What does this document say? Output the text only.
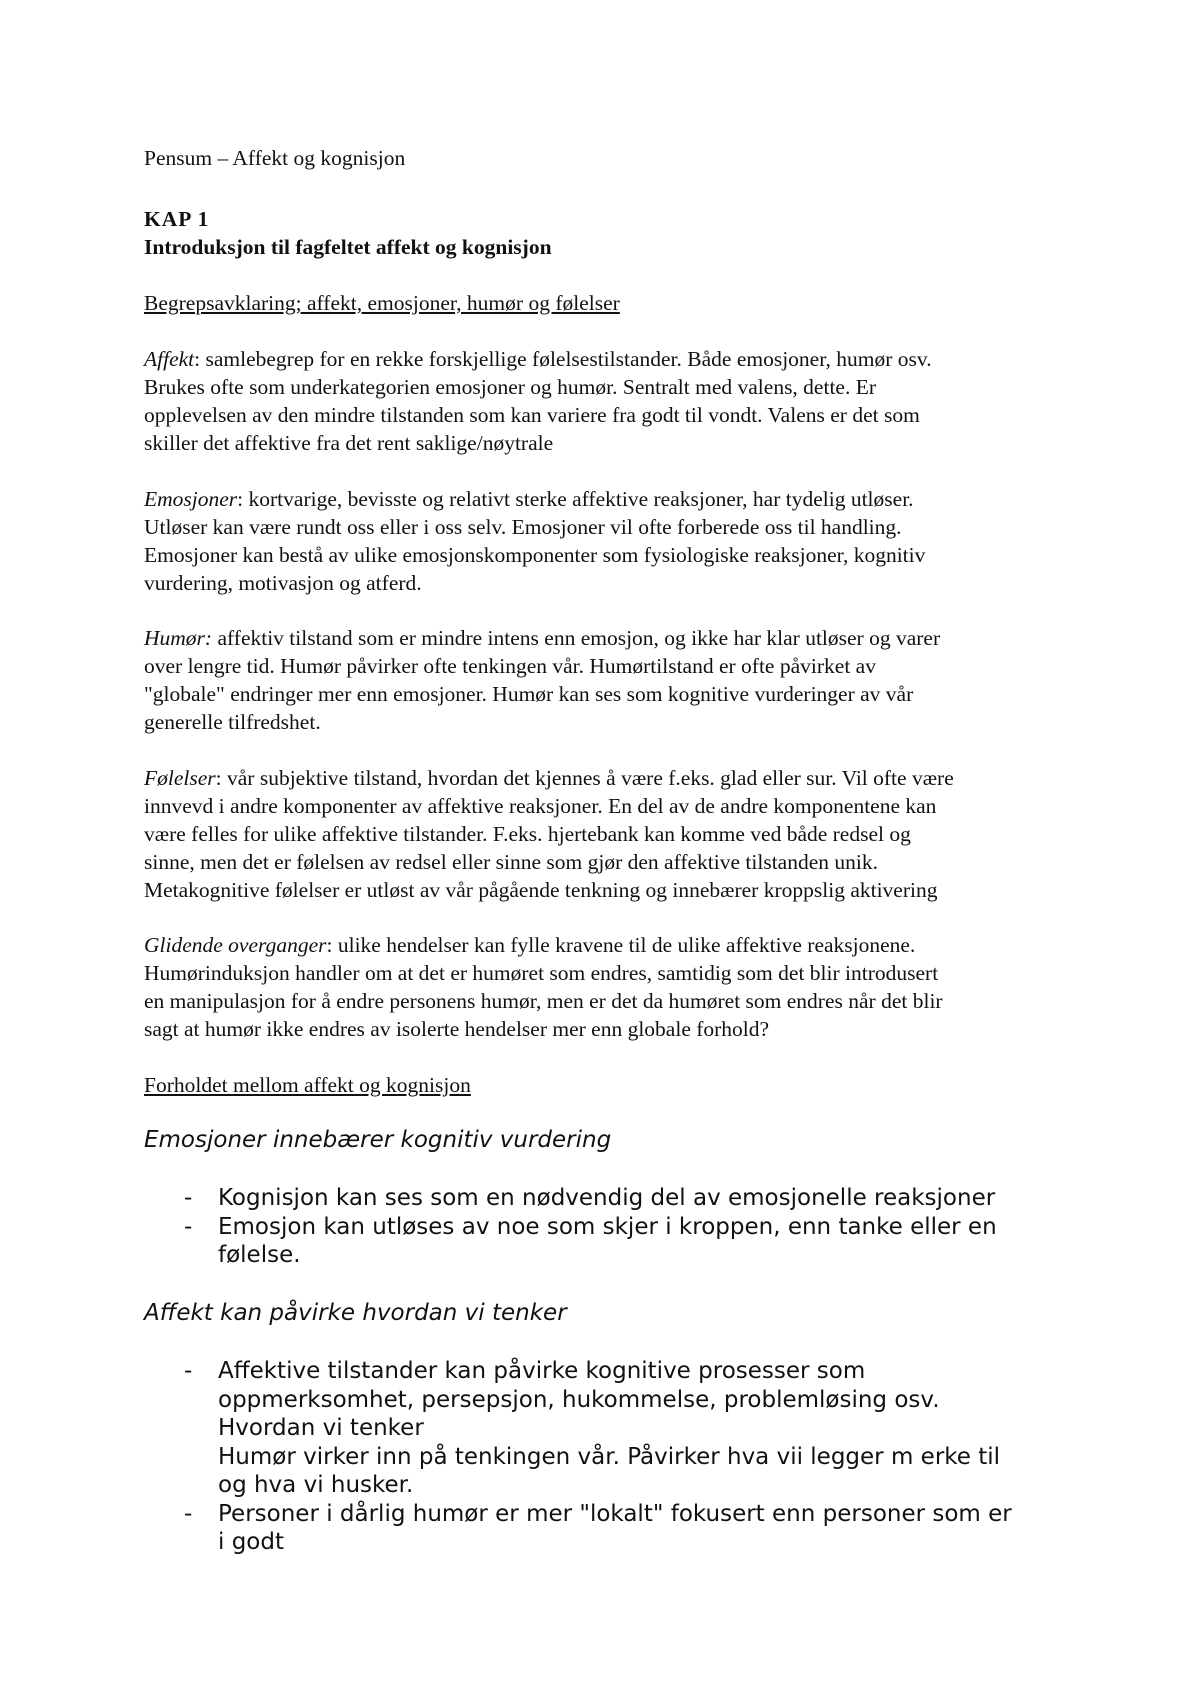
Pensum – Affekt og kognisjon

KAP 1

Introduksjon til fagfeltet affekt og kognisjon

Begrepsavklaring; affekt, emosjoner, humør og følelser

Affekt: samlebegrep for en rekke forskjellige følelsestilstander. Både emosjoner, humør osv.
Brukes ofte som underkategorien emosjoner og humør. Sentralt med valens, dette. Er
opplevelsen av den mindre tilstanden som kan variere fra godt til vondt. Valens er det som
skiller det affektive fra det rent saklige/nøytrale
Emosjoner: kortvarige, bevisste og relativt sterke affektive reaksjoner, har tydelig utløser.
Utløser kan være rundt oss eller i oss selv. Emosjoner vil ofte forberede oss til handling.
Emosjoner kan bestå av ulike emosjonskomponenter som fysiologiske reaksjoner, kognitiv
vurdering, motivasjon og atferd.
Humør: affektiv tilstand som er mindre intens enn emosjon, og ikke har klar utløser og varer
over lengre tid. Humør påvirker ofte tenkingen vår. Humørtilstand er ofte påvirket av
"globale" endringer mer enn emosjoner. Humør kan ses som kognitive vurderinger av vår
generelle tilfredshet.
Følelser: vår subjektive tilstand, hvordan det kjennes å være f.eks. glad eller sur. Vil ofte være
innvevd i andre komponenter av affektive reaksjoner. En del av de andre komponentene kan
være felles for ulike affektive tilstander. F.eks. hjertebank kan komme ved både redsel og
sinne, men det er følelsen av redsel eller sinne som gjør den affektive tilstanden unik.
Metakognitive følelser er utløst av vår pågående tenkning og innebærer kroppslig aktivering
Glidende overganger: ulike hendelser kan fylle kravene til de ulike affektive reaksjonene.
Humørinduksjon handler om at det er humøret som endres, samtidig som det blir introdusert
en manipulasjon for å endre personens humør, men er det da humøret som endres når det blir
sagt at humør ikke endres av isolerte hendelser mer enn globale forhold?

Forholdet mellom affekt og kognisjon

Emosjoner innebærer kognitiv vurdering

- Kognisjon kan ses som en nødvendig del av emosjonelle reaksjoner
- Emosjon kan utløses av noe som skjer i kroppen, enn tanke eller en
følelse.

Affekt kan påvirke hvordan vi tenker

- Affektive tilstander kan påvirke kognitive prosesser som
oppmerksomhet, persepsjon, hukommelse, problemløsing osv.
Hvordan vi tenker
Humør virker inn på tenkingen vår. Påvirker hva vii legger m erke til
og hva vi husker.
- Personer i dårlig humør er mer "lokalt" fokusert enn personer som er
i godt
